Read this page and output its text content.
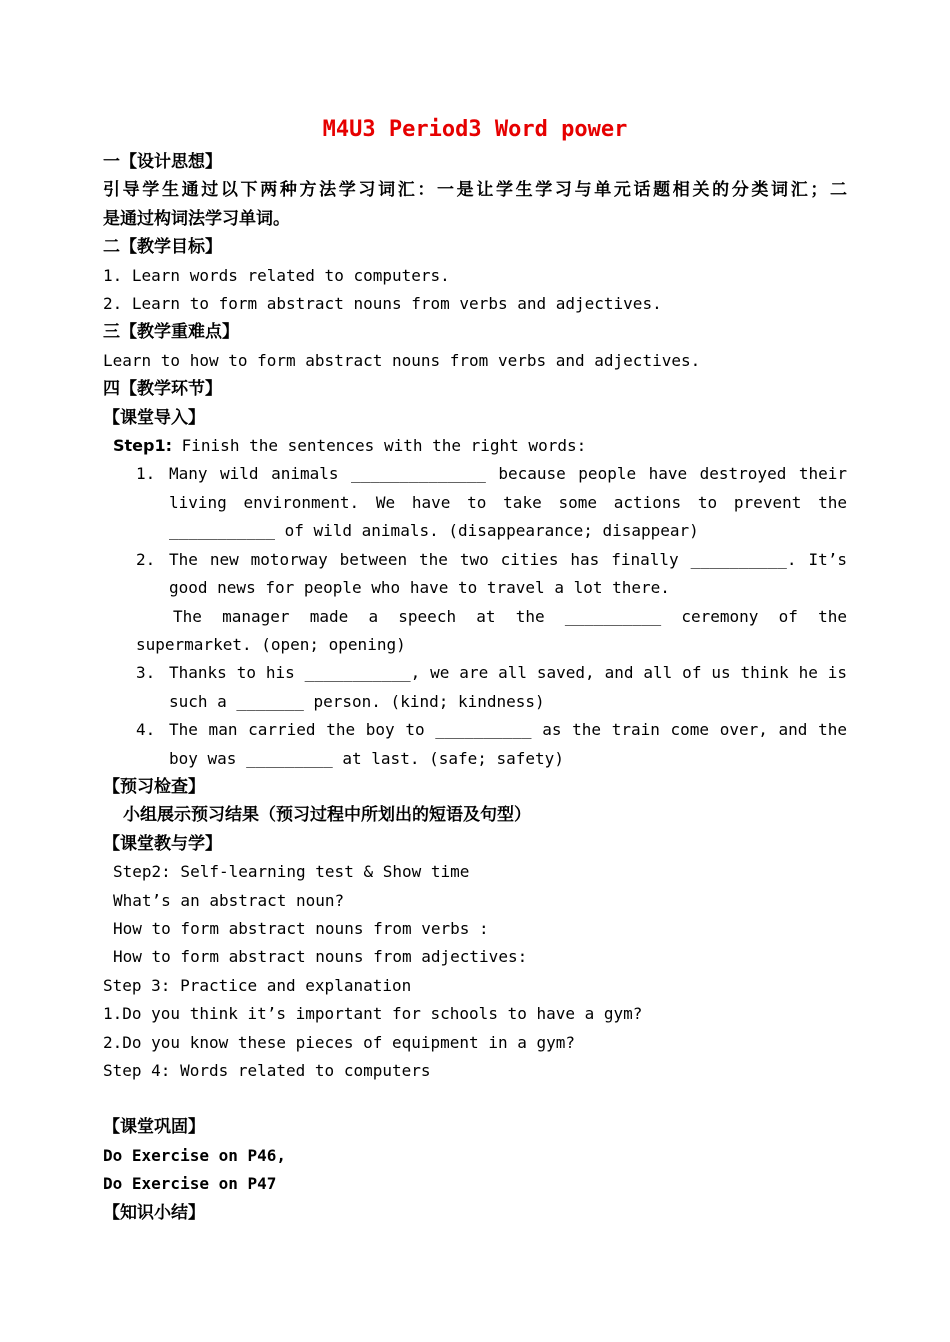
M4U3 Period3 Word power
一【设计思想】
引导学生通过以下两种方法学习词汇：一是让学生学习与单元话题相关的分类词汇；二
是通过构词法学习单词。
二【教学目标】
1. Learn words related to computers.
2. Learn to form abstract nouns from verbs and adjectives.
三【教学重难点】
Learn to how to form abstract nouns from verbs and adjectives.
四【教学环节】
【课堂导入】
Step1: Finish the sentences with the right words:
1. Many wild animals ______________ because people have destroyed their
living environment. We have to take some actions to prevent the
___________ of wild animals. (disappearance; disappear)
2. The new motorway between the two cities has finally __________. It’s
good news for people who have to travel a lot there.
The manager made a speech at the __________ ceremony of the
supermarket. (open; opening)
3. Thanks to his ___________, we are all saved, and all of us think he is
such a _______ person. (kind; kindness)
4. The man carried the boy to __________ as the train come over, and the
boy was _________ at last. (safe; safety)
【预习检查】
小组展示预习结果（预习过程中所划出的短语及句型）
【课堂教与学】
Step2: Self-learning test & Show time
What’s an abstract noun?
How to form abstract nouns from verbs :
How to form abstract nouns from adjectives:
Step 3: Practice and explanation
1.Do you think it’s important for schools to have a gym?
2.Do you know these pieces of equipment in a gym?
Step 4: Words related to computers
【课堂巩固】
Do Exercise on P46,
Do Exercise on P47
【知识小结】
